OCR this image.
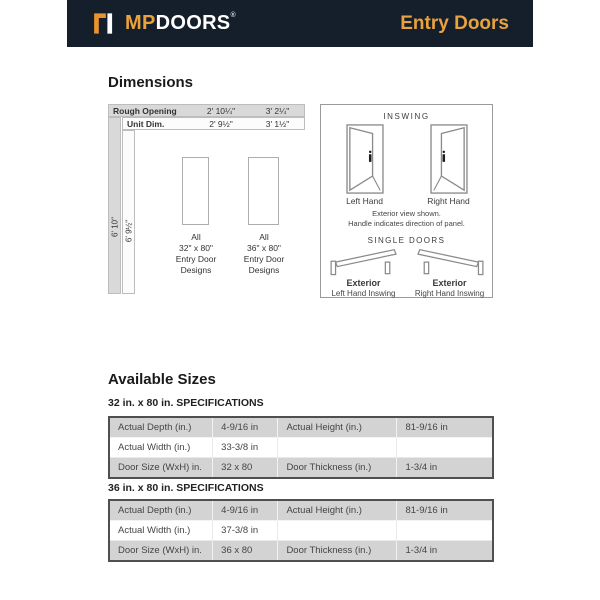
MPDOORS®	Entry Doors
Dimensions
Rough Opening	2' 10¼"	3' 2¼"
Unit Dim.	2' 9½"	3' 1½"
6' 10" 6' 9½"	All
32" x 80"
Entry Door
Designs
All
36" x 80"
Entry Door
Designs
INSWING
Left Hand	Right Hand
Exterior view shown.
Handle indicates direction of panel.
SINGLE DOORS
Exterior
Left Hand Inswing
Exterior
Right Hand Inswing
Available Sizes
32 in. x 80 in. SPECIFICATIONS
Actual Depth (in.)	4-9/16 in	Actual Height (in.)	81-9/16 in
Actual Width (in.)	33-3/8 in		
Door Size (WxH) in.	32 x 80	Door Thickness (in.)	1-3/4 in
36 in. x 80 in. SPECIFICATIONS
Actual Depth (in.)	4-9/16 in	Actual Height (in.)	81-9/16 in
Actual Width (in.)	37-3/8 in		
Door Size (WxH) in.	36 x 80	Door Thickness (in.)	1-3/4 in
